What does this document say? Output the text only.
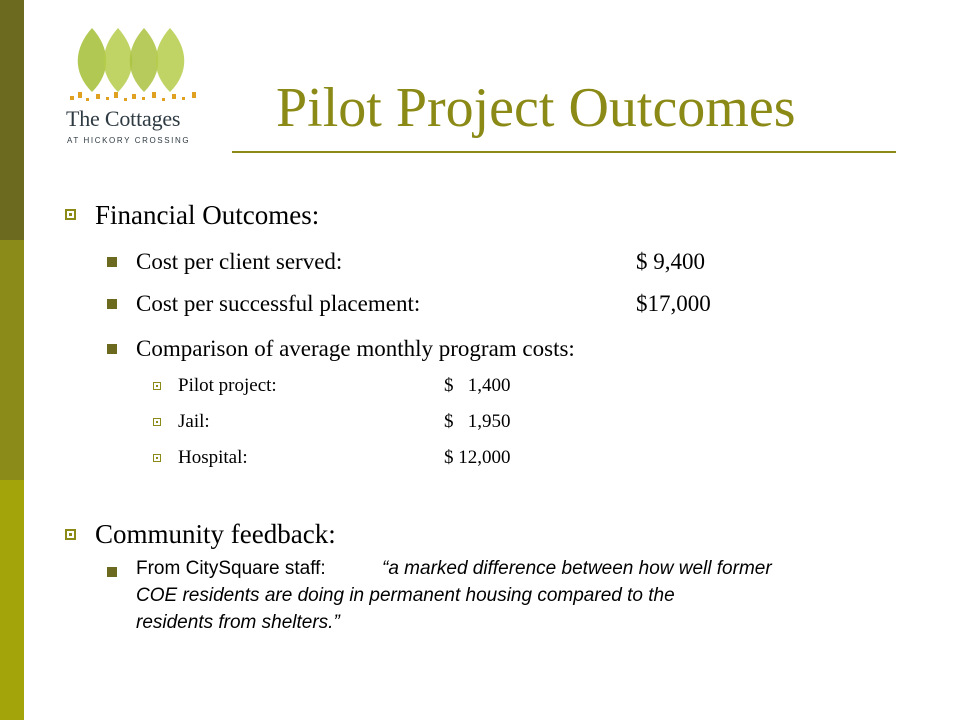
The Cottages
AT HICKORY CROSSING
Pilot Project Outcomes
Financial Outcomes:
Cost per client served:	$ 9,400
Cost per successful placement:	$17,000
Comparison of average monthly program costs:
Pilot project:	$   1,400
Jail:	$   1,950
Hospital:	$ 12,000
Community feedback:
From CitySquare staff:	“a marked difference between how well former
COE residents are doing in permanent housing compared to the
residents from shelters.”
